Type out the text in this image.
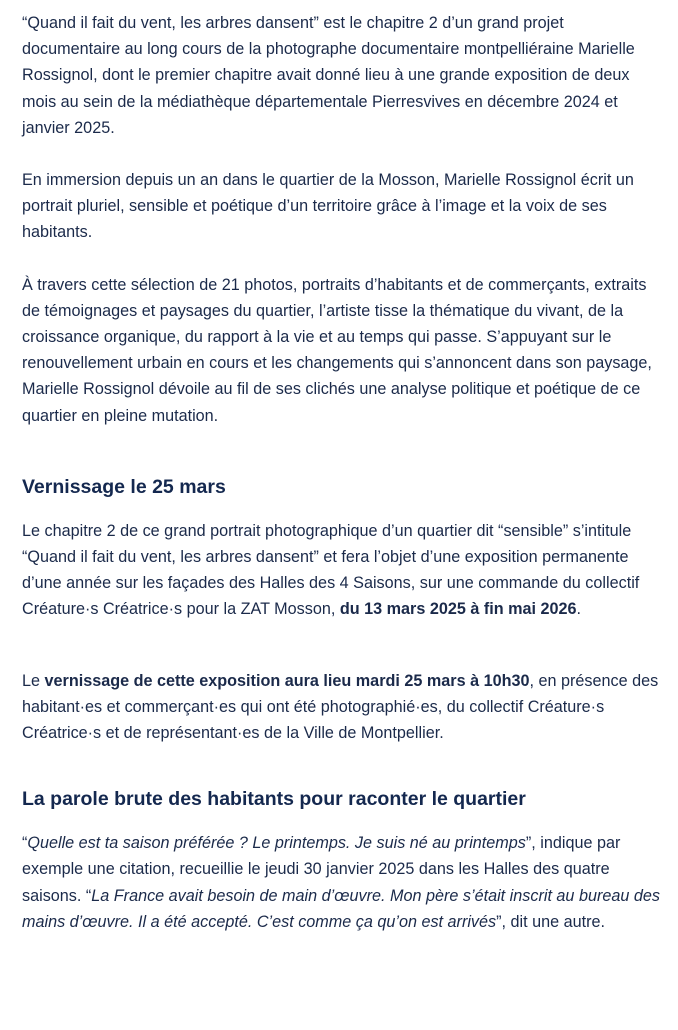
“Quand il fait du vent, les arbres dansent” est le chapitre 2 d’un grand projet documentaire au long cours de la photographe documentaire montpelliéraine Marielle Rossignol, dont le premier chapitre avait donné lieu à une grande exposition de deux mois au sein de la médiathèque départementale Pierresvives en décembre 2024 et janvier 2025.

En immersion depuis un an dans le quartier de la Mosson, Marielle Rossignol écrit un portrait pluriel, sensible et poétique d’un territoire grâce à l’image et la voix de ses habitants.

À travers cette sélection de 21 photos, portraits d’habitants et de commerçants, extraits de témoignages et paysages du quartier, l’artiste tisse la thématique du vivant, de la croissance organique, du rapport à la vie et au temps qui passe. S’appuyant sur le renouvellement urbain en cours et les changements qui s’annoncent dans son paysage, Marielle Rossignol dévoile au fil de ses clichés une analyse politique et poétique de ce quartier en pleine mutation.

Vernissage le 25 mars

Le chapitre 2 de ce grand portrait photographique d’un quartier dit “sensible” s’intitule “Quand il fait du vent, les arbres dansent” et fera l’objet d’une exposition permanente d’une année sur les façades des Halles des 4 Saisons, sur une commande du collectif Créature·s Créatrice·s pour la ZAT Mosson, du 13 mars 2025 à fin mai 2026.

Le vernissage de cette exposition aura lieu mardi 25 mars à 10h30, en présence des habitant·es et commerçant·es qui ont été photographié·es, du collectif Créature·s Créatrice·s et de représentant·es de la Ville de Montpellier.

La parole brute des habitants pour raconter le quartier

“Quelle est ta saison préférée ? Le printemps. Je suis né au printemps”, indique par exemple une citation, recueillie le jeudi 30 janvier 2025 dans les Halles des quatre saisons. “La France avait besoin de main d’œuvre. Mon père s’était inscrit au bureau des mains d’œuvre. Il a été accepté. C’est comme ça qu’on est arrivés”, dit une autre.
